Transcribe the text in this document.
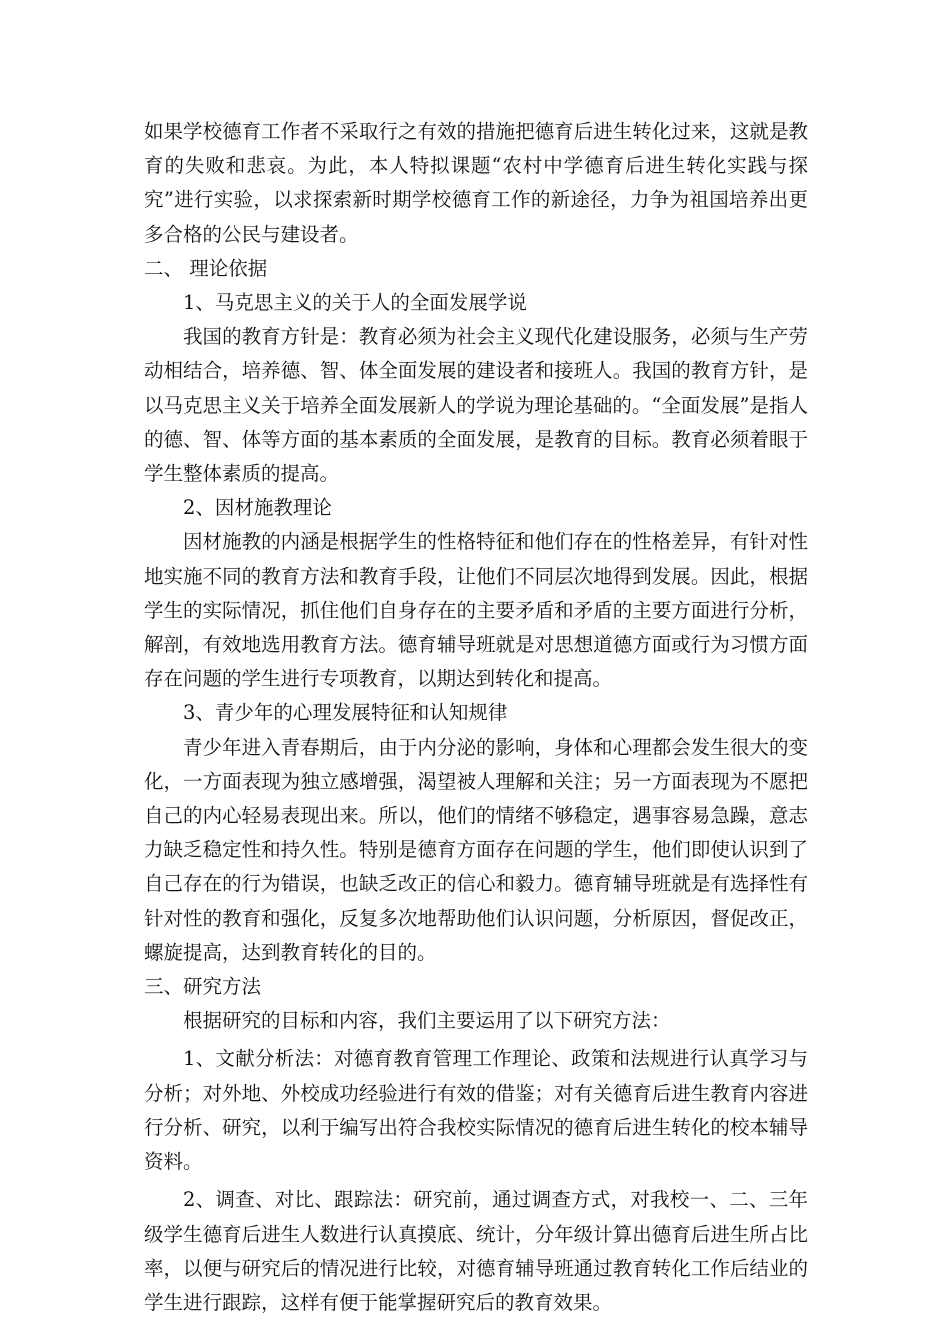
如果学校德育工作者不采取行之有效的措施把德育后进生转化过来，这就是教育的失败和悲哀。为此，本人特拟课题“农村中学德育后进生转化实践与探究”进行实验，以求探索新时期学校德育工作的新途径，力争为祖国培养出更多合格的公民与建设者。

二、 理论依据

1、马克思主义的关于人的全面发展学说

我国的教育方针是：教育必须为社会主义现代化建设服务，必须与生产劳动相结合，培养德、智、体全面发展的建设者和接班人。我国的教育方针，是以马克思主义关于培养全面发展新人的学说为理论基础的。“全面发展”是指人的德、智、体等方面的基本素质的全面发展，是教育的目标。教育必须着眼于学生整体素质的提高。

2、因材施教理论

因材施教的内涵是根据学生的性格特征和他们存在的性格差异，有针对性地实施不同的教育方法和教育手段，让他们不同层次地得到发展。因此，根据学生的实际情况，抓住他们自身存在的主要矛盾和矛盾的主要方面进行分析，解剖，有效地选用教育方法。德育辅导班就是对思想道德方面或行为习惯方面存在问题的学生进行专项教育，以期达到转化和提高。

3、青少年的心理发展特征和认知规律

青少年进入青春期后，由于内分泌的影响，身体和心理都会发生很大的变化，一方面表现为独立感增强，渴望被人理解和关注；另一方面表现为不愿把自己的内心轻易表现出来。所以，他们的情绪不够稳定，遇事容易急躁，意志力缺乏稳定性和持久性。特别是德育方面存在问题的学生，他们即使认识到了自己存在的行为错误，也缺乏改正的信心和毅力。德育辅导班就是有选择性有针对性的教育和强化，反复多次地帮助他们认识问题，分析原因，督促改正，螺旋提高，达到教育转化的目的。

三、研究方法

根据研究的目标和内容，我们主要运用了以下研究方法：

1、文献分析法：对德育教育管理工作理论、政策和法规进行认真学习与分析；对外地、外校成功经验进行有效的借鉴；对有关德育后进生教育内容进行分析、研究，以利于编写出符合我校实际情况的德育后进生转化的校本辅导资料。

2、调查、对比、跟踪法：研究前，通过调查方式，对我校一、二、三年级学生德育后进生人数进行认真摸底、统计，分年级计算出德育后进生所占比率，以便与研究后的情况进行比较，对德育辅导班通过教育转化工作后结业的学生进行跟踪，这样有便于能掌握研究后的教育效果。
